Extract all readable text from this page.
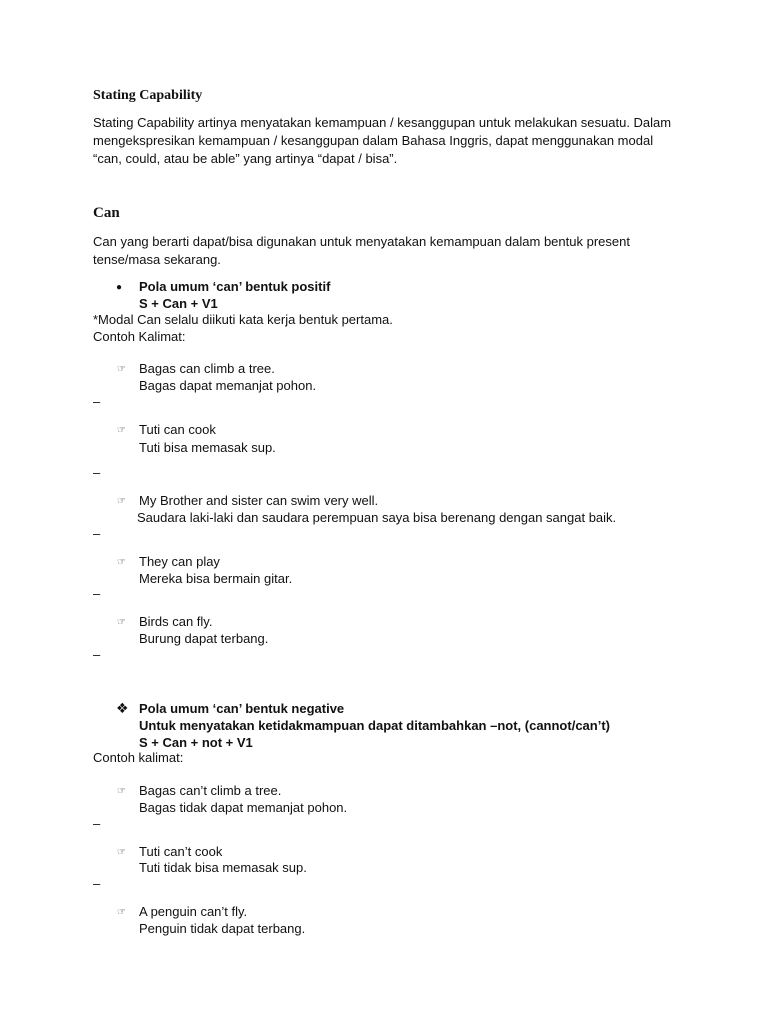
Stating Capability
Stating Capability artinya menyatakan kemampuan / kesanggupan untuk melakukan sesuatu. Dalam
mengekspresikan kemampuan / kesanggupan dalam Bahasa Inggris, dapat menggunakan modal
“can, could, atau be able” yang artinya “dapat / bisa”.
Can
Can yang berarti dapat/bisa digunakan untuk menyatakan kemampuan dalam bentuk present
tense/masa sekarang.
● Pola umum ‘can’ bentuk positif
S + Can + V1
*Modal Can selalu diikuti kata kerja bentuk pertama.
Contoh Kalimat:
☞ Bagas can climb a tree.
Bagas dapat memanjat pohon.
–
☞ Tuti can cook
Tuti bisa memasak sup.
–
☞ My Brother and sister can swim very well.
Saudara laki-laki dan saudara perempuan saya bisa berenang dengan sangat baik.
–
☞ They can play
Mereka bisa bermain gitar.
–
☞ Birds can fly.
Burung dapat terbang.
–
❖ Pola umum ‘can’ bentuk negative
Untuk menyatakan ketidakmampuan dapat ditambahkan –not, (cannot/can’t)
S + Can + not + V1
Contoh kalimat:
☞ Bagas can’t climb a tree.
Bagas tidak dapat memanjat pohon.
–
☞ Tuti can’t cook
Tuti tidak bisa memasak sup.
–
☞ A penguin can’t fly.
Penguin tidak dapat terbang.
